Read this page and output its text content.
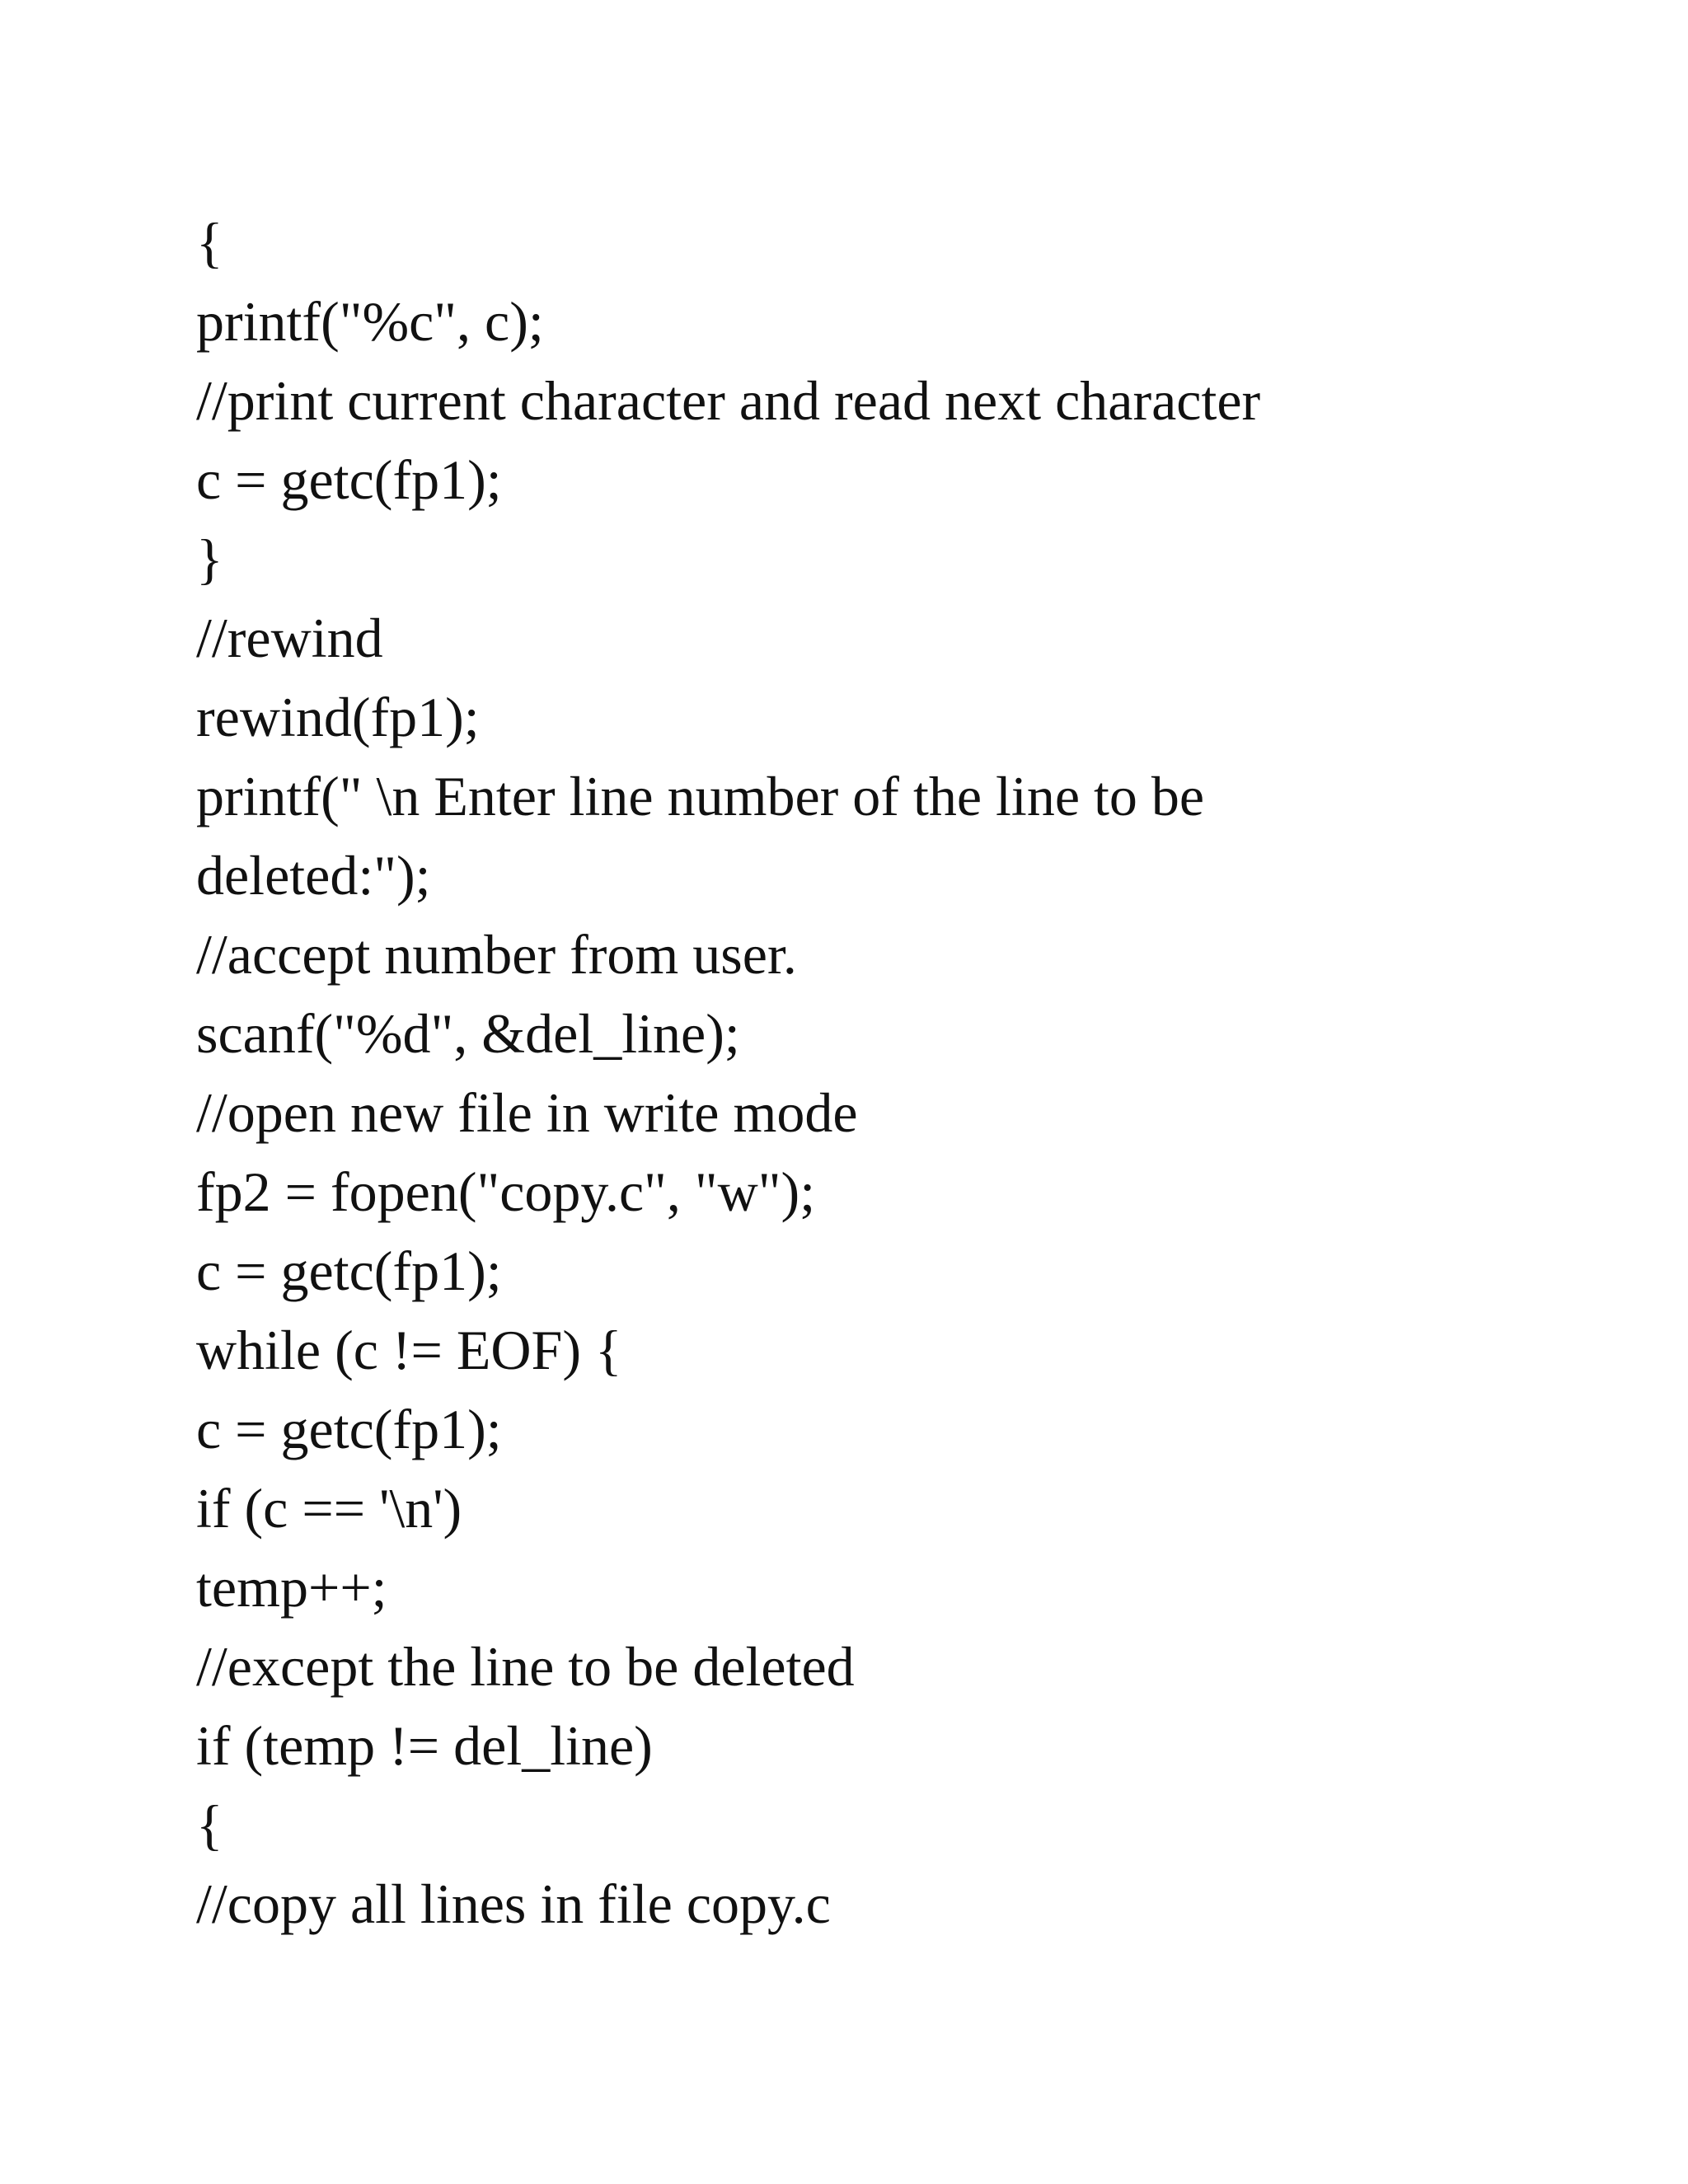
{
printf("%c", c);
//print current character and read next character
c = getc(fp1);
}
//rewind
rewind(fp1);
printf(" \n Enter line number of the line to be
deleted:");
//accept number from user.
scanf("%d", &del_line);
//open new file in write mode
fp2 = fopen("copy.c", "w");
c = getc(fp1);
while (c != EOF) {
c = getc(fp1);
if (c == '\n')
temp++;
//except the line to be deleted
if (temp != del_line)
{
//copy all lines in file copy.c
